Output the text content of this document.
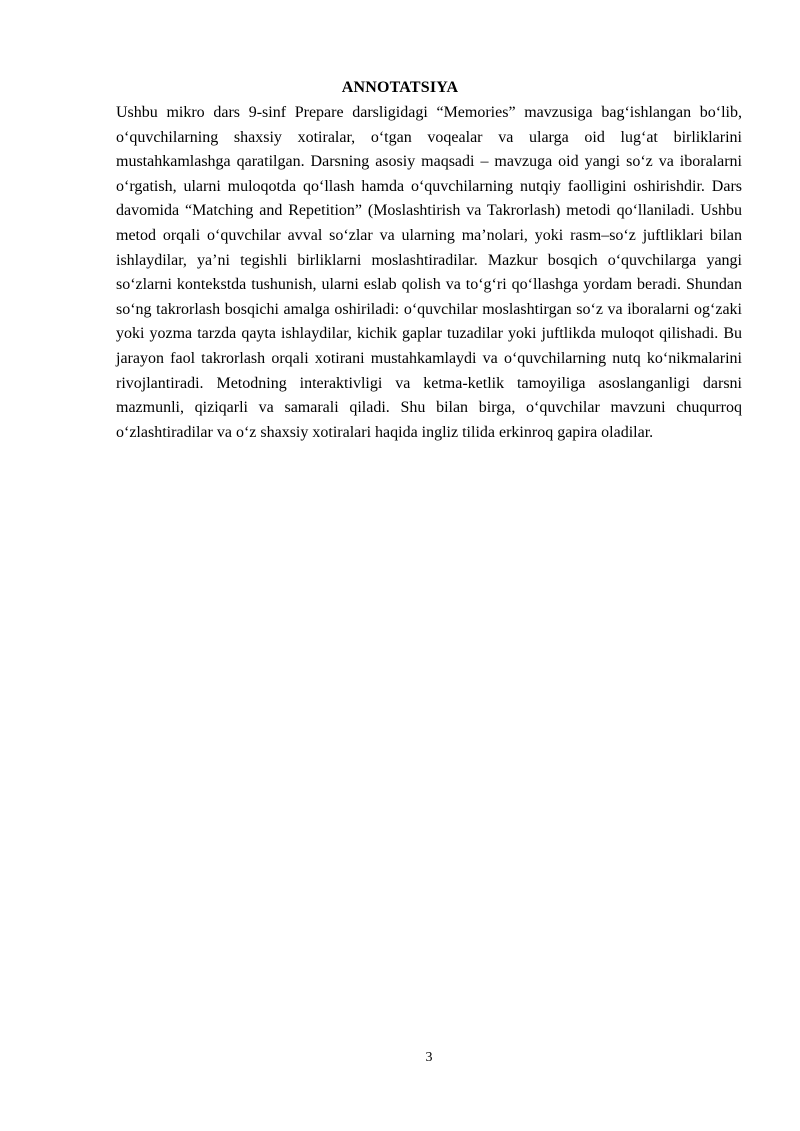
ANNOTATSIYA

Ushbu mikro dars 9-sinf Prepare darsligidagi “Memories” mavzusiga bagʻishlangan boʻlib, oʻquvchilarning shaxsiy xotiralar, oʻtgan voqealar va ularga oid lugʻat birliklarini mustahkamlashga qaratilgan. Darsning asosiy maqsadi – mavzuga oid yangi soʻz va iboralarni oʻrgatish, ularni muloqotda qoʻllash hamda oʻquvchilarning nutqiy faolligini oshirishdir. Dars davomida “Matching and Repetition” (Moslashtirish va Takrorlash) metodi qoʻllaniladi. Ushbu metod orqali oʻquvchilar avval soʻzlar va ularning ma’nolari, yoki rasm–soʻz juftliklari bilan ishlaydilar, ya’ni tegishli birliklarni moslashtiradilar. Mazkur bosqich oʻquvchilarga yangi soʻzlarni kontekstda tushunish, ularni eslab qolish va toʻgʻri qoʻllashga yordam beradi. Shundan soʻng takrorlash bosqichi amalga oshiriladi: oʻquvchilar moslashtirgan soʻz va iboralarni ogʻzaki yoki yozma tarzda qayta ishlaydilar, kichik gaplar tuzadilar yoki juftlikda muloqot qilishadi. Bu jarayon faol takrorlash orqali xotirani mustahkamlaydi va oʻquvchilarning nutq koʻnikmalarini rivojlantiradi. Metodning interaktivligi va ketma-ketlik tamoyiliga asoslanganligi darsni mazmunli, qiziqarli va samarali qiladi. Shu bilan birga, oʻquvchilar mavzuni chuqurroq oʻzlashtiradilar va oʻz shaxsiy xotiralari haqida ingliz tilida erkinroq gapira oladilar.

3
